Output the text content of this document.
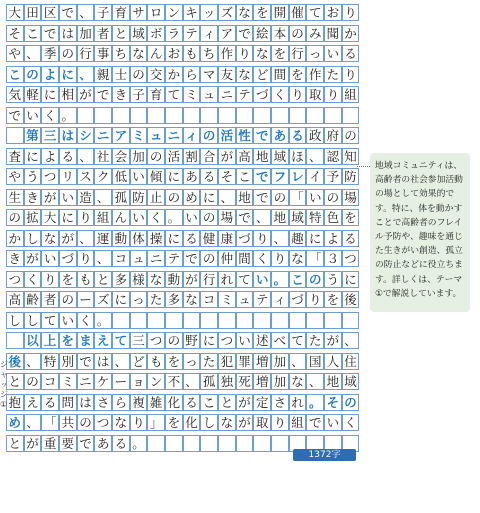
大 田 区 で 、 子 育 サ ロ ン キ ッ ズ な を 開 催 て お り
そ こ で は 加 者 と 域 ボ ラ テ ィ ア で 絵 本 の み 聞 か
や 、 季 の 行 事 ち な ん お も ち 作 り な を 行 っ い る
こ の よ に 、 親 士 の 交 か ら マ 友 な ど 間 を 作 た り
気 軽 に 相 が で き 子 育 て ミ ュ ニ テ づ く り 取 り 組
で い く 。

第 三 は シ ニ ア ミ ュ ニ ィ の 活 性 で あ る 政 府 の
査 に よ る 、 社 会 加 の 活 割 合 が 高 地 域 ほ 、 認 知
や う つ リ ス ク 低 い 傾 に あ る そ こ で フ レ イ 予 防
生 き が い 造 、 孤 防 止 の め に 、 地 で の 「 い の 場
の 拡 大 に り 組 ん い く 。 い の 場 で 、 地 域 特 色 を
か し な が 、 運 動 体 操 に る 健 康 づ り 、 趣 に よ る
き が い づ り 、 コ ュ ニ テ で の 仲 間 く り な 「 ３ つ
つ く り を も と 多 様 な 動 が 行 れ て い 。 こ の う に
高 齢 者 の ー ズ に っ た 多 な コ ミ ュ テ ィ づ り を 後
し し て い く 。

以 上 を ま え て 三 つ の 野 に つ い 述 べ て た が 、
後 、 特 別 で は 、 ど も を っ た 犯 罪 増 加 、 国 人 住
と の コ ミ ニ ケ ー ョ ン 不 、 孤 独 死 増 加 な 、 地 域
抱 え る 問 は さ ら 複 雑 化 る こ と が 定 さ れ 。 そ の
め 、 「 共 の つ な り 」 を 化 し な が 取 り 組 で い く
と が 重 要 で あ る 。
ジャッジ①
1372字
地域コミュニティは、高齢者の社会参加活動の場として効果的です。特に、体を動かすことで高齢者のフレイル予防や、趣味を通じた生きがい創造、孤立の防止などに役立ちます。詳しくは、テーマ①で解説しています。
